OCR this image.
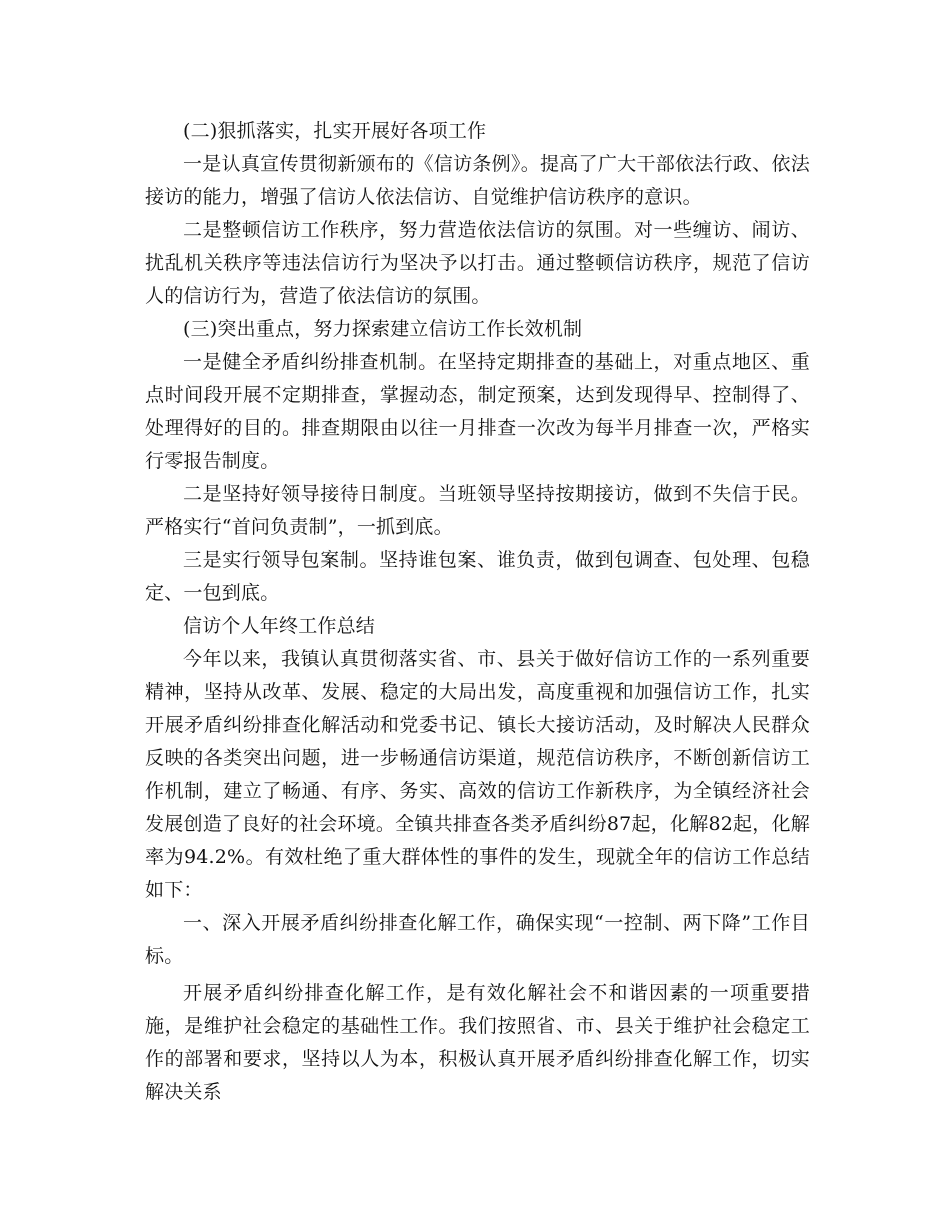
(二)狠抓落实，扎实开展好各项工作

一是认真宣传贯彻新颁布的《信访条例》。提高了广大干部依法行政、依法接访的能力，增强了信访人依法信访、自觉维护信访秩序的意识。

二是整顿信访工作秩序，努力营造依法信访的氛围。对一些缠访、闹访、扰乱机关秩序等违法信访行为坚决予以打击。通过整顿信访秩序，规范了信访人的信访行为，营造了依法信访的氛围。

(三)突出重点，努力探索建立信访工作长效机制

一是健全矛盾纠纷排查机制。在坚持定期排查的基础上，对重点地区、重点时间段开展不定期排查，掌握动态，制定预案，达到发现得早、控制得了、处理得好的目的。排查期限由以往一月排查一次改为每半月排查一次，严格实行零报告制度。

二是坚持好领导接待日制度。当班领导坚持按期接访，做到不失信于民。严格实行“首问负责制”，一抓到底。

三是实行领导包案制。坚持谁包案、谁负责，做到包调查、包处理、包稳定、一包到底。

信访个人年终工作总结

今年以来，我镇认真贯彻落实省、市、县关于做好信访工作的一系列重要精神，坚持从改革、发展、稳定的大局出发，高度重视和加强信访工作，扎实开展矛盾纠纷排查化解活动和党委书记、镇长大接访活动，及时解决人民群众反映的各类突出问题，进一步畅通信访渠道，规范信访秩序，不断创新信访工作机制，建立了畅通、有序、务实、高效的信访工作新秩序，为全镇经济社会发展创造了良好的社会环境。全镇共排查各类矛盾纠纷87起，化解82起，化解率为94.2%。有效杜绝了重大群体性的事件的发生，现就全年的信访工作总结如下：

一、深入开展矛盾纠纷排查化解工作，确保实现“一控制、两下降”工作目标。

开展矛盾纠纷排查化解工作，是有效化解社会不和谐因素的一项重要措施，是维护社会稳定的基础性工作。我们按照省、市、县关于维护社会稳定工作的部署和要求，坚持以人为本，积极认真开展矛盾纠纷排查化解工作，切实解决关系
